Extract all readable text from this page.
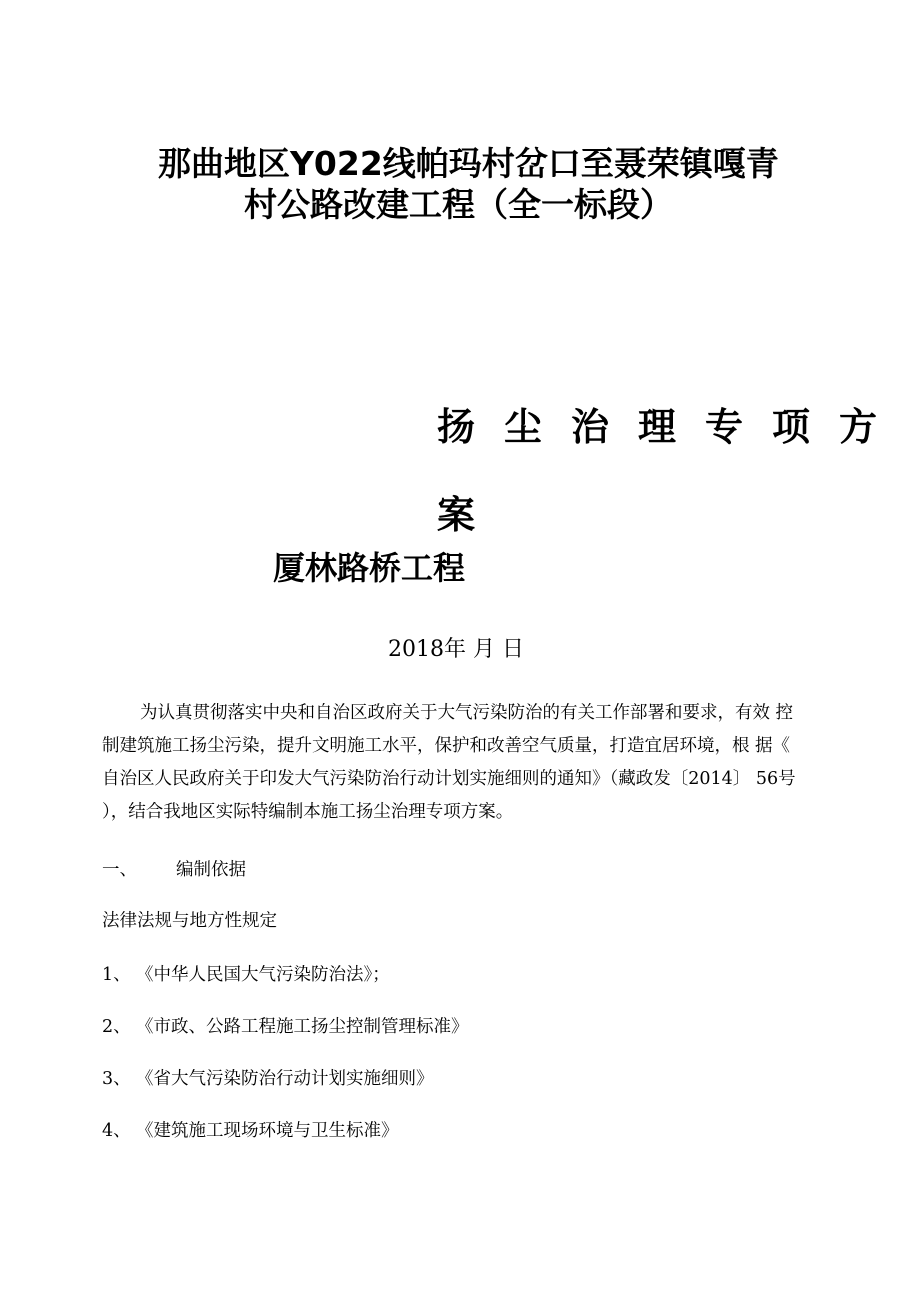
那曲地区Y022线帕玛村岔口至聂荣镇嘎青
村公路改建工程（全一标段）
扬尘治理专项方
案
厦林路桥工程
2018年 月 日
为认真贯彻落实中央和自治区政府关于大气污染防治的有关工作部署和要求，有效 控
制建筑施工扬尘污染，提升文明施工水平，保护和改善空气质量，打造宜居环境，根 据《
自治区人民政府关于印发大气污染防治行动计划实施细则的通知》（藏政发〔2014〕 56号
），结合我地区实际特编制本施工扬尘治理专项方案。
一、 编制依据
法律法规与地方性规定
1、 《中华人民国大气污染防治法》；
2、 《市政、公路工程施工扬尘控制管理标准》
3、 《省大气污染防治行动计划实施细则》
4、 《建筑施工现场环境与卫生标准》
